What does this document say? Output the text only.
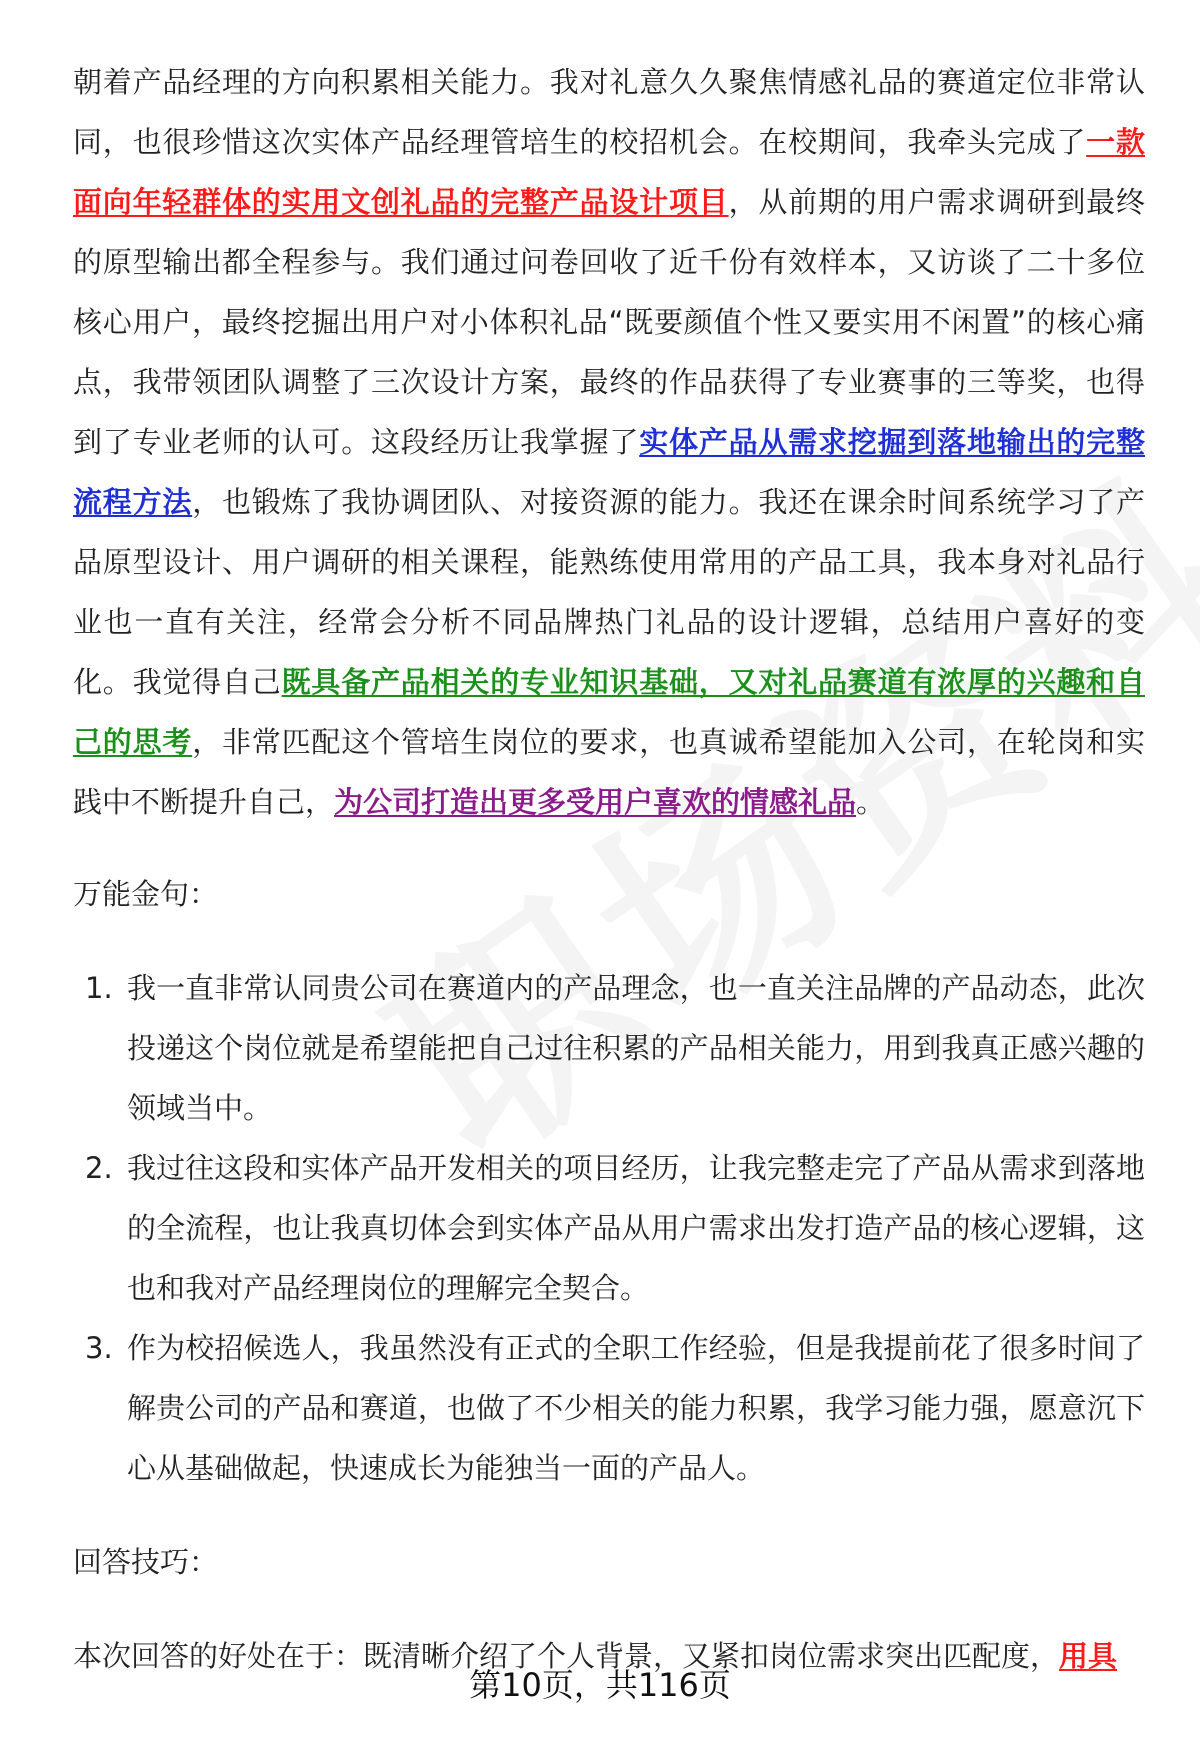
朝着产品经理的方向积累相关能力。我对礼意久久聚焦情感礼品的赛道定位非常认同，也很珍惜这次实体产品经理管培生的校招机会。在校期间，我牵头完成了一款面向年轻群体的实用文创礼品的完整产品设计项目，从前期的用户需求调研到最终的原型输出都全程参与。我们通过问卷回收了近千份有效样本，又访谈了二十多位核心用户，最终挖掘出用户对小体积礼品“既要颜值个性又要实用不闲置”的核心痛点，我带领团队调整了三次设计方案，最终的作品获得了专业赛事的三等奖，也得到了专业老师的认可。这段经历让我掌握了实体产品从需求挖掘到落地输出的完整流程方法，也锻炼了我协调团队、对接资源的能力。我还在课余时间系统学习了产品原型设计、用户调研的相关课程，能熟练使用常用的产品工具，我本身对礼品行业也一直有关注，经常会分析不同品牌热门礼品的设计逻辑，总结用户喜好的变化。我觉得自己既具备产品相关的专业知识基础，又对礼品赛道有浓厚的兴趣和自己的思考，非常匹配这个管培生岗位的要求，也真诚希望能加入公司，在轮岗和实践中不断提升自己，为公司打造出更多受用户喜欢的情感礼品。

万能金句：

1. 我一直非常认同贵公司在赛道内的产品理念，也一直关注品牌的产品动态，此次投递这个岗位就是希望能把自己过往积累的产品相关能力，用到我真正感兴趣的领域当中。
2. 我过往这段和实体产品开发相关的项目经历，让我完整走完了产品从需求到落地的全流程，也让我真切体会到实体产品从用户需求出发打造产品的核心逻辑，这也和我对产品经理岗位的理解完全契合。
3. 作为校招候选人，我虽然没有正式的全职工作经验，但是我提前花了很多时间了解贵公司的产品和赛道，也做了不少相关的能力积累，我学习能力强，愿意沉下心从基础做起，快速成长为能独当一面的产品人。

回答技巧：

本次回答的好处在于：既清晰介绍了个人背景，又紧扣岗位需求突出匹配度，用具

第10页，共116页
